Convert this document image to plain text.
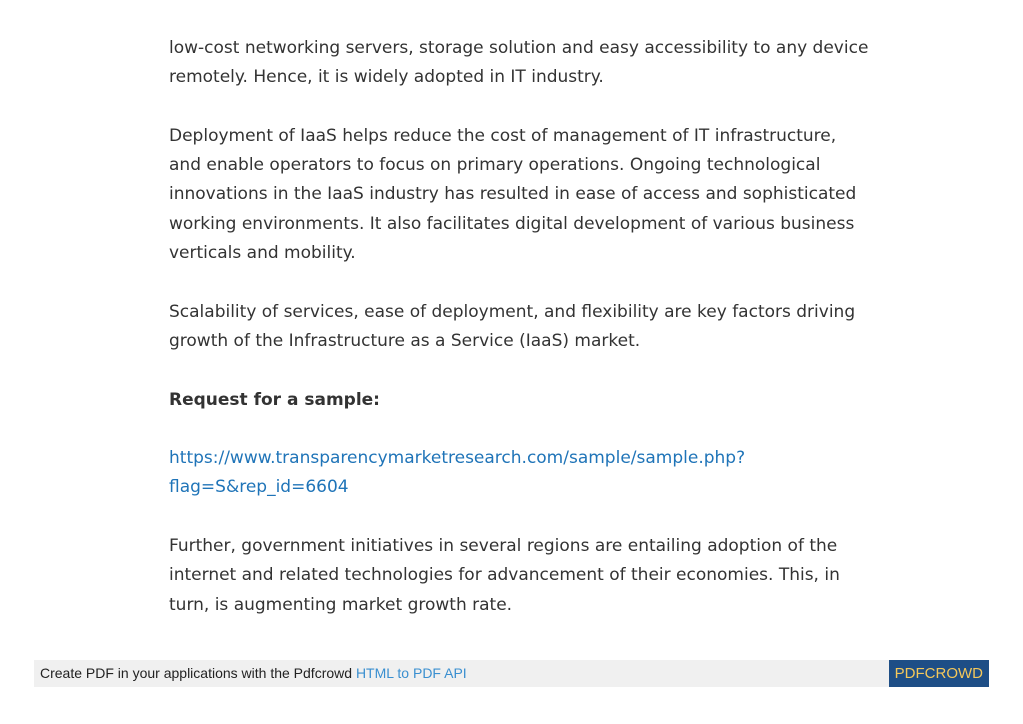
low-cost networking servers, storage solution and easy accessibility to any device remotely. Hence, it is widely adopted in IT industry.

Deployment of IaaS helps reduce the cost of management of IT infrastructure, and enable operators to focus on primary operations. Ongoing technological innovations in the IaaS industry has resulted in ease of access and sophisticated working environments. It also facilitates digital development of various business verticals and mobility.

Scalability of services, ease of deployment, and flexibility are key factors driving growth of the Infrastructure as a Service (IaaS) market.

Request for a sample:

https://www.transparencymarketresearch.com/sample/sample.php?flag=S&rep_id=6604

Further, government initiatives in several regions are entailing adoption of the internet and related technologies for advancement of their economies. This, in turn, is augmenting market growth rate.

Create PDF in your applications with the Pdfcrowd HTML to PDF API	PDFCROWD
